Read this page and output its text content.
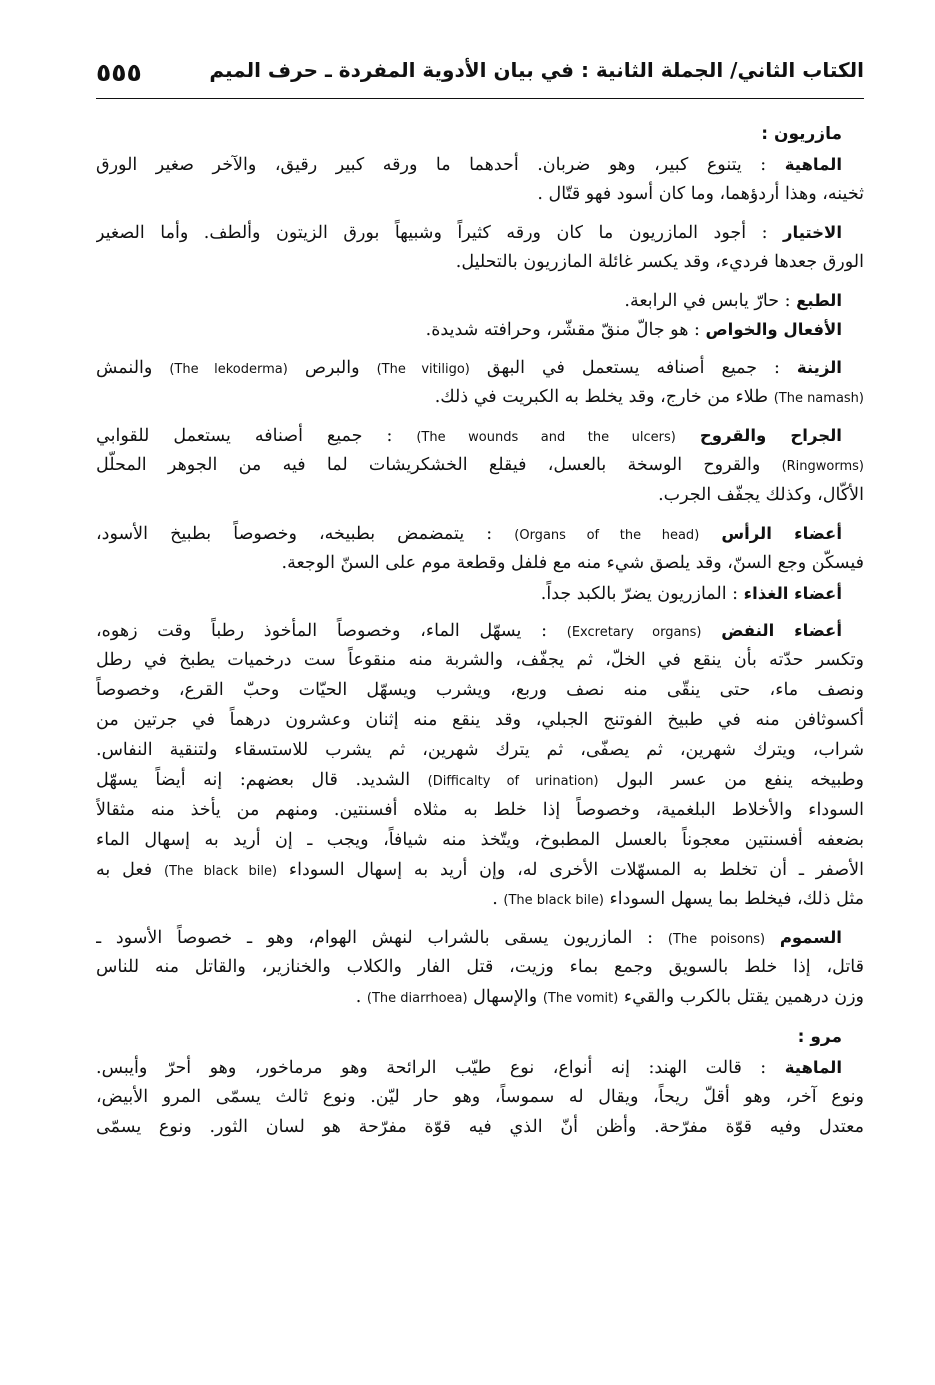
٥٥٥	الكتاب الثاني/ الجملة الثانية : في بيان الأدوية المفردة ـ حرف الميم
مازريون :
الماهية : يتنوع كبير، وهو ضربان. أحدهما ما ورقه كبير رقيق، والآخر صغير الورق
ثخينه، وهذا أردؤهما، وما كان أسود فهو قتّال .
الاختيار : أجود المازريون ما كان ورقه كثيراً وشبيهاً بورق الزيتون وألطف. وأما الصغير
الورق جعدها فرديء، وقد يكسر غائلة المازريون بالتحليل.
الطبع : حارّ يابس في الرابعة.
الأفعال والخواص : هو جالّ منقّ مقشّر، وحرافته شديدة.
الزينة : جميع أصنافه يستعمل في البهق (The vitiligo) والبرص (The lekoderma) والنمش
(The namash) طلاء من خارج، وقد يخلط به الكبريت في ذلك.
الجراح والقروح (The wounds and the ulcers) : جميع أصنافه يستعمل للقوابي
(Ringworms) والقروح الوسخة بالعسل، فيقلع الخشكريشات لما فيه من الجوهر المحلّل
الأكّال، وكذلك يجفّف الجرب.
أعضاء الرأس (Organs of the head) : يتمضمض بطبيخه، وخصوصاً بطبيخ الأسود،
فيسكّن وجع السنّ، وقد يلصق شيء منه مع فلفل وقطعة موم على السنّ الوجعة.
أعضاء الغذاء : المازريون يضرّ بالكبد جداً.
أعضاء النفض (Excretary organs) : يسهّل الماء، وخصوصاً المأخوذ رطباً وقت زهوه،
وتكسر حدّته بأن ينقع في الخلّ، ثم يجفّف، والشربة منه منقوعاً ست درخميات يطبخ في رطل
ونصف ماء، حتى ينقّى منه نصف وربع، ويشرب ويسهّل الحيّات وحبّ القرع، وخصوصاً
أكسوثافن منه في طبيخ الفوتنج الجبلي، وقد ينقع منه إثنان وعشرون درهماً في جرتين من
شراب، ويترك شهرين، ثم يصفّى، ثم يترك شهرين، ثم يشرب للاستسقاء ولتنقية النفاس.
وطبيخه ينفع من عسر البول (Difficalty of urination) الشديد. قال بعضهم: إنه أيضاً يسهّل
السوداء والأخلاط البلغمية، وخصوصاً إذا خلط به مثلاه أفسنتين. ومنهم من يأخذ منه مثقالاً
بضعفه أفسنتين معجوناً بالعسل المطبوخ، ويتّخذ منه شيافاً، ويجب ـ إن أريد به إسهال الماء
الأصفر ـ أن تخلط به المسهّلات الأخرى له، وإن أريد به إسهال السوداء (The black bile) فعل به
مثل ذلك، فيخلط بما يسهل السوداء (The black bile) .
السموم (The poisons) : المازريون يسقى بالشراب لنهش الهوام، وهو ـ خصوصاً الأسود ـ
قاتل، إذا خلط بالسويق وجمع بماء وزيت، قتل الفار والكلاب والخنازير، والقاتل منه للناس
وزن درهمين يقتل بالكرب والقيء (The vomit) والإسهال (The diarrhoea) .
مرو :
الماهية : قالت الهند: إنه أنواع، نوع طيّب الرائحة وهو مرماخور، وهو أحرّ وأيبس.
ونوع آخر، وهو أقلّ ريحاً، ويقال له سموساً، وهو حار ليّن. ونوع ثالث يسمّى المرو الأبيض،
معتدل وفيه قوّة مفرّحة. وأظن أنّ الذي فيه قوّة مفرّحة هو لسان الثور. ونوع يسمّى
